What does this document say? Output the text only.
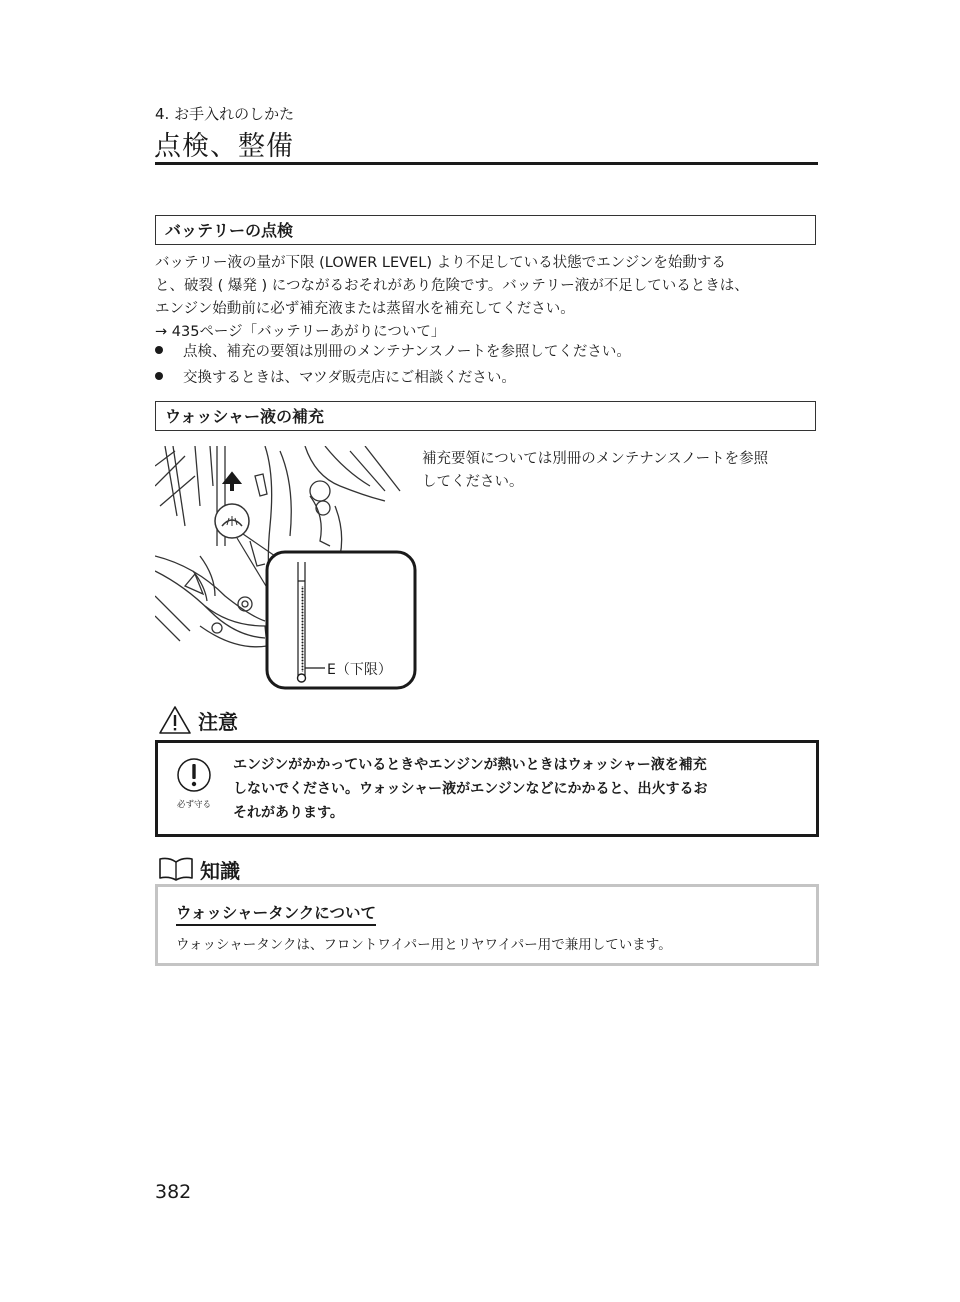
4. お手入れのしかた
点検、整備
バッテリーの点検
バッテリー液の量が下限 (LOWER LEVEL) より不足している状態でエンジンを始動する
と、破裂 ( 爆発 ) につながるおそれがあり危険です。バッテリー液が不足しているときは、
エンジン始動前に必ず補充液または蒸留水を補充してください。
→ 435ページ「バッテリーあがりについて」
点検、補充の要領は別冊のメンテナンスノートを参照してください。
交換するときは、マツダ販売店にご相談ください。
ウォッシャー液の補充
E（下限）
補充要領については別冊のメンテナンスノートを参照
してください。
注意
必ず守る
エンジンがかかっているときやエンジンが熱いときはウォッシャー液を補充
しないでください。ウォッシャー液がエンジンなどにかかると、出火するお
それがあります。
知識
ウォッシャータンクについて
ウォッシャータンクは、フロントワイパー用とリヤワイパー用で兼用しています。
382
